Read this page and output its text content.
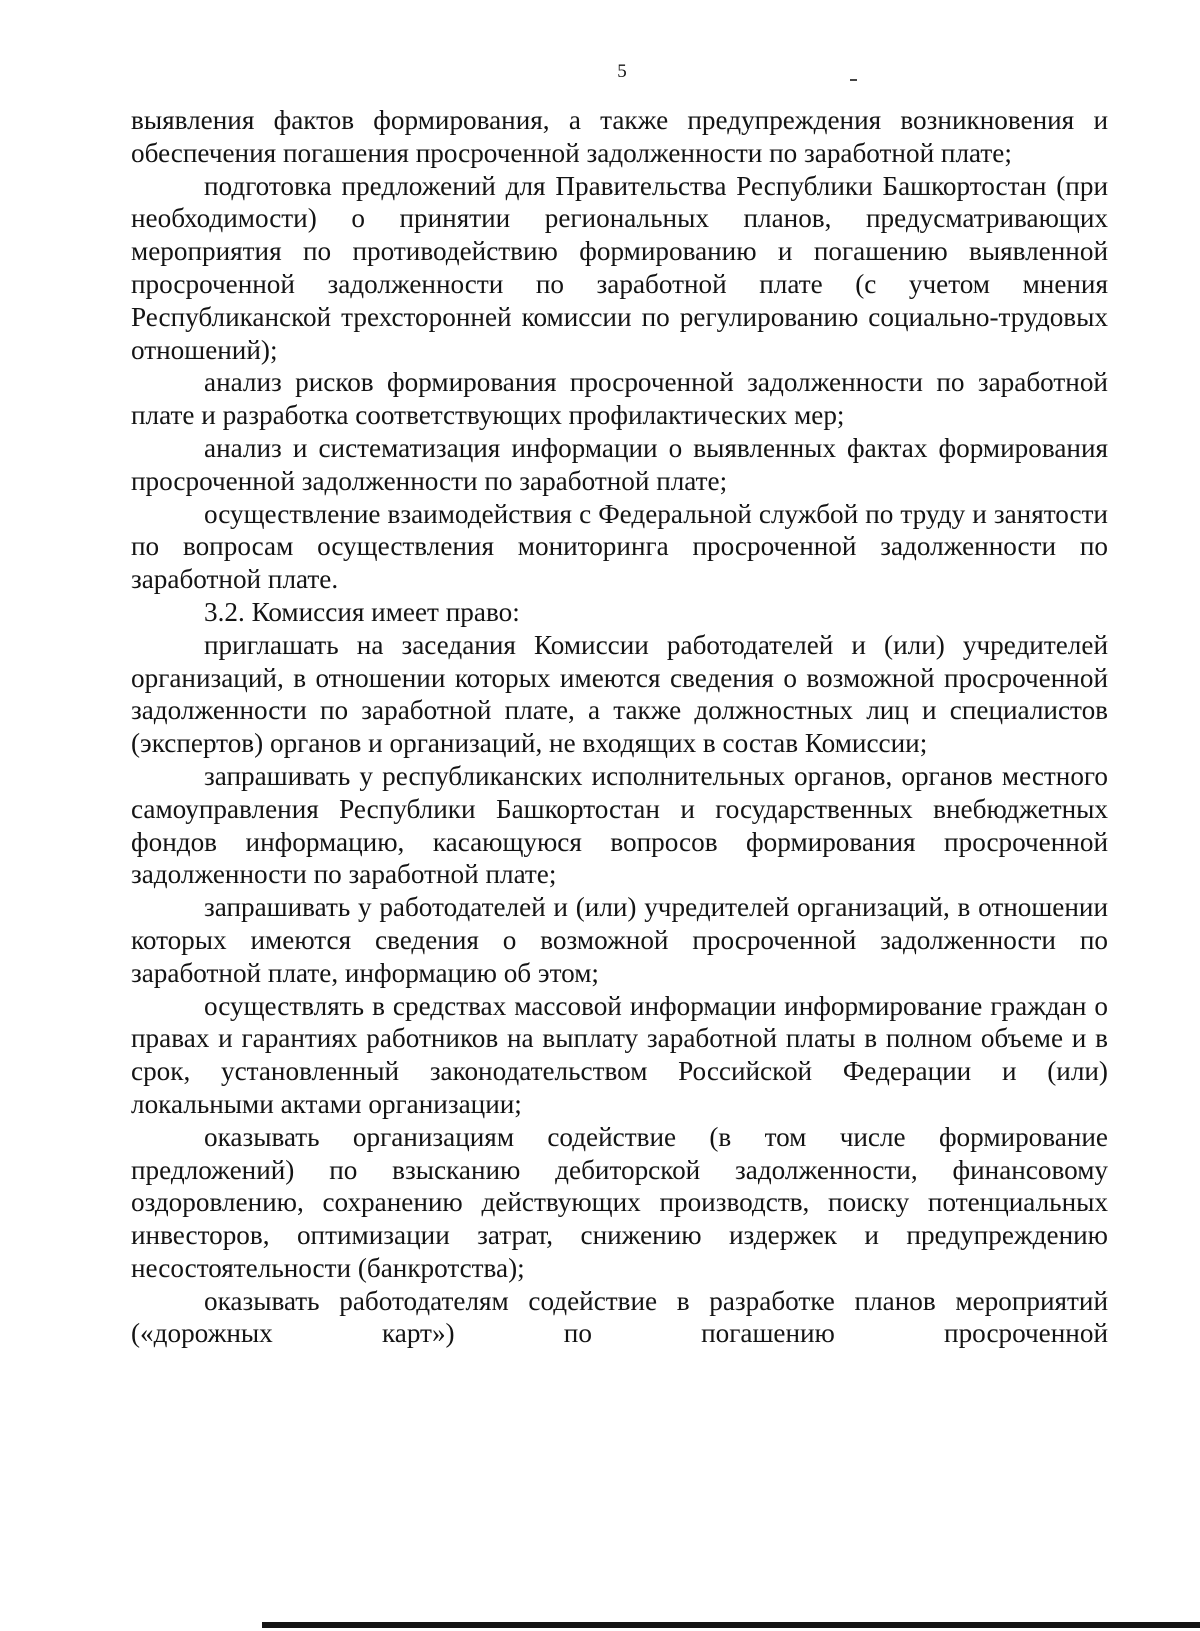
5

выявления фактов формирования, а также предупреждения возникновения и обеспечения погашения просроченной задолженности по заработной плате;

подготовка предложений для Правительства Республики Башкортостан (при необходимости) о принятии региональных планов, предусматривающих мероприятия по противодействию формированию и погашению выявленной просроченной задолженности по заработной плате (с учетом мнения Республиканской трехсторонней комиссии по регулированию социально-трудовых отношений);

анализ рисков формирования просроченной задолженности по заработной плате и разработка соответствующих профилактических мер;

анализ и систематизация информации о выявленных фактах формирования просроченной задолженности по заработной плате;

осуществление взаимодействия с Федеральной службой по труду и занятости по вопросам осуществления мониторинга просроченной задолженности по заработной плате.

3.2. Комиссия имеет право:

приглашать на заседания Комиссии работодателей и (или) учредителей организаций, в отношении которых имеются сведения о возможной просроченной задолженности по заработной плате, а также должностных лиц и специалистов (экспертов) органов и организаций, не входящих в состав Комиссии;

запрашивать у республиканских исполнительных органов, органов местного самоуправления Республики Башкортостан и государственных внебюджетных фондов информацию, касающуюся вопросов формирования просроченной задолженности по заработной плате;

запрашивать у работодателей и (или) учредителей организаций, в отношении которых имеются сведения о возможной просроченной задолженности по заработной плате, информацию об этом;

осуществлять в средствах массовой информации информирование граждан о правах и гарантиях работников на выплату заработной платы в полном объеме и в срок, установленный законодательством Российской Федерации и (или) локальными актами организации;

оказывать организациям содействие (в том числе формирование предложений) по взысканию дебиторской задолженности, финансовому оздоровлению, сохранению действующих производств, поиску потенциальных инвесторов, оптимизации затрат, снижению издержек и предупреждению несостоятельности (банкротства);

оказывать работодателям содействие в разработке планов мероприятий («дорожных карт») по погашению просроченной
